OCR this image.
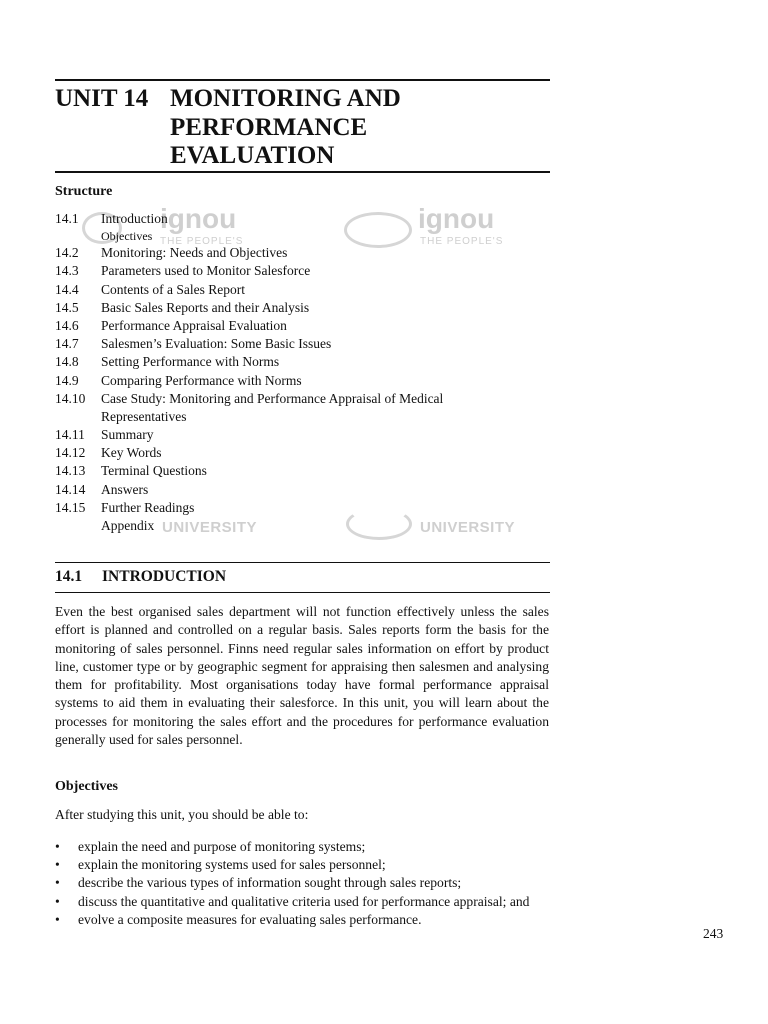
UNIT 14 MONITORING AND
PERFORMANCE
EVALUATION
ignou
THE PEOPLE'S
ignou
THE PEOPLE'S
UNIVERSITY	UNIVERSITY
Structure
14.1 Introduction
Objectives
14.2 Monitoring: Needs and Objectives
14.3 Parameters used to Monitor Salesforce
14.4 Contents of a Sales Report
14.5 Basic Sales Reports and their Analysis
14.6 Performance Appraisal Evaluation
14.7 Salesmen’s Evaluation: Some Basic Issues
14.8 Setting Performance with Norms
14.9 Comparing Performance with Norms
14.10 Case Study: Monitoring and Performance Appraisal of Medical
Representatives
14.11 Summary
14.12 Key Words
14.13 Terminal Questions
14.14 Answers
14.15 Further Readings
Appendix
14.1 INTRODUCTION
Even the best organised sales department will not function effectively unless the sales effort is planned and controlled on a regular basis. Sales reports form the basis for the monitoring of sales personnel. Finns need regular sales information on effort by product line, customer type or by geographic segment for appraising then salesmen and analysing them for profitability. Most organisations today have formal performance appraisal systems to aid them in evaluating their salesforce. In this unit, you will learn about the processes for monitoring the sales effort and the procedures for performance evaluation generally used for sales personnel.
Objectives
After studying this unit, you should be able to:
• explain the need and purpose of monitoring systems;
• explain the monitoring systems used for sales personnel;
• describe the various types of information sought through sales reports;
• discuss the quantitative and qualitative criteria used for performance appraisal; and
• evolve a composite measures for evaluating sales performance.
243
